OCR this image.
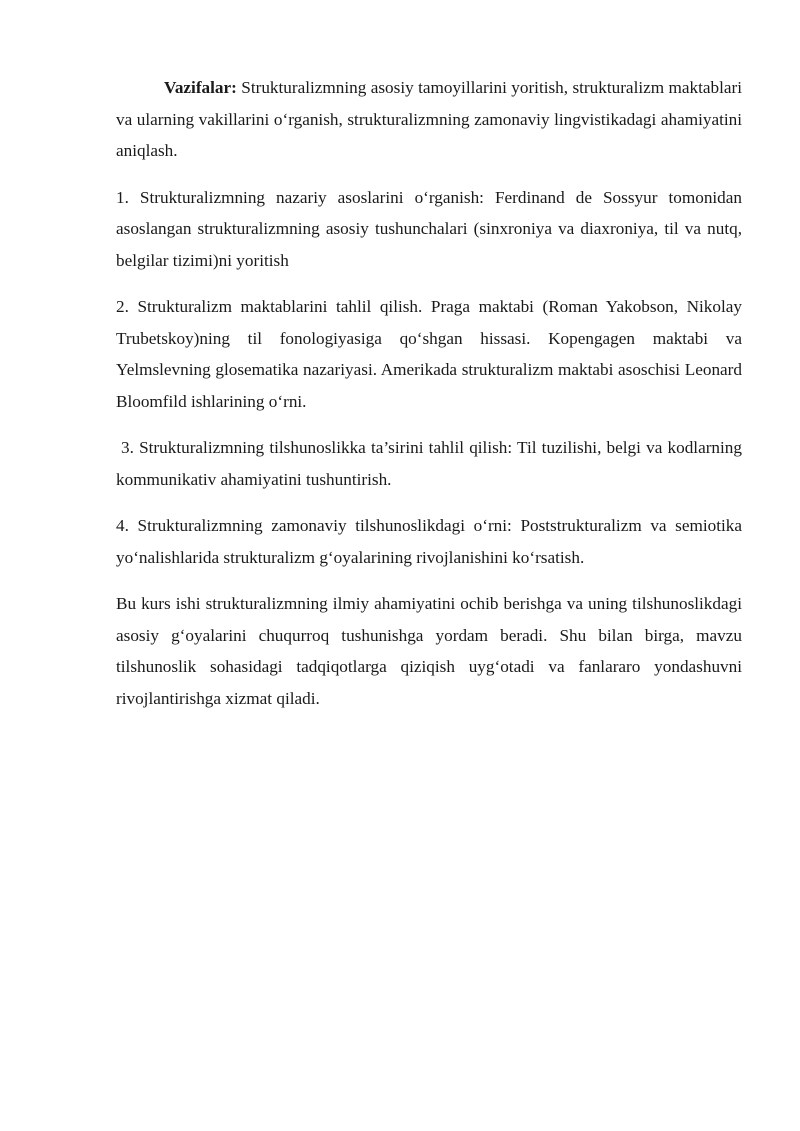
Vazifalar: Strukturalizmning asosiy tamoyillarini yoritish, strukturalizm maktablari va ularning vakillarini o‘rganish, strukturalizmning zamonaviy lingvistikadagi ahamiyatini aniqlash.

1. Strukturalizmning nazariy asoslarini o‘rganish: Ferdinand de Sossyur tomonidan asoslangan strukturalizmning asosiy tushunchalari (sinxroniya va diaxroniya, til va nutq, belgilar tizimi)ni yoritish

2. Strukturalizm maktablarini tahlil qilish. Praga maktabi (Roman Yakobson, Nikolay Trubetskoy)ning til fonologiyasiga qo‘shgan hissasi. Kopengagen maktabi va Yelmslevning glosematika nazariyasi. Amerikada strukturalizm maktabi asoschisi Leonard Bloomfild ishlarining o‘rni.

3. Strukturalizmning tilshunoslikka ta’sirini tahlil qilish: Til tuzilishi, belgi va kodlarning kommunikativ ahamiyatini tushuntirish.

4. Strukturalizmning zamonaviy tilshunoslikdagi o‘rni: Poststrukturalizm va semiotika yo‘nalishlarida strukturalizm g‘oyalarining rivojlanishini ko‘rsatish.

Bu kurs ishi strukturalizmning ilmiy ahamiyatini ochib berishga va uning tilshunoslikdagi asosiy g‘oyalarini chuqurroq tushunishga yordam beradi. Shu bilan birga, mavzu tilshunoslik sohasidagi tadqiqotlarga qiziqish uyg‘otadi va fanlararo yondashuvni rivojlantirishga xizmat qiladi.
